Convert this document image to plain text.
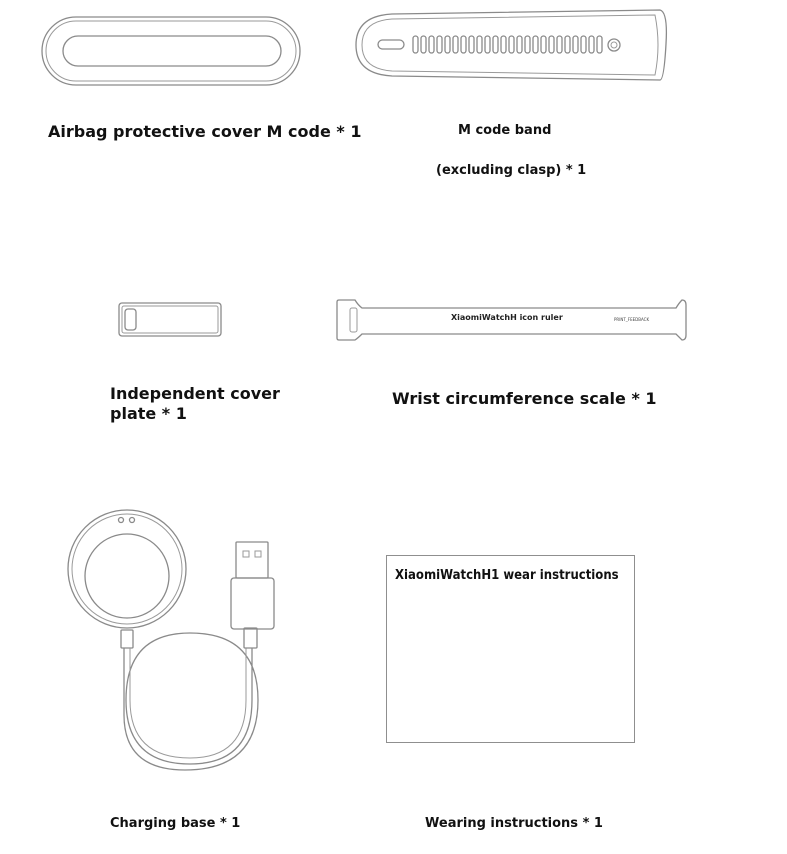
Airbag protective cover M code * 1	M code band
(excluding clasp) * 1
Independent cover
plate * 1
XiaomiWatchH icon ruler	PRINT_FEEDBACK
Wrist circumference scale * 1
Charging base * 1
XiaomiWatchH1 wear instructions
Wearing instructions * 1
